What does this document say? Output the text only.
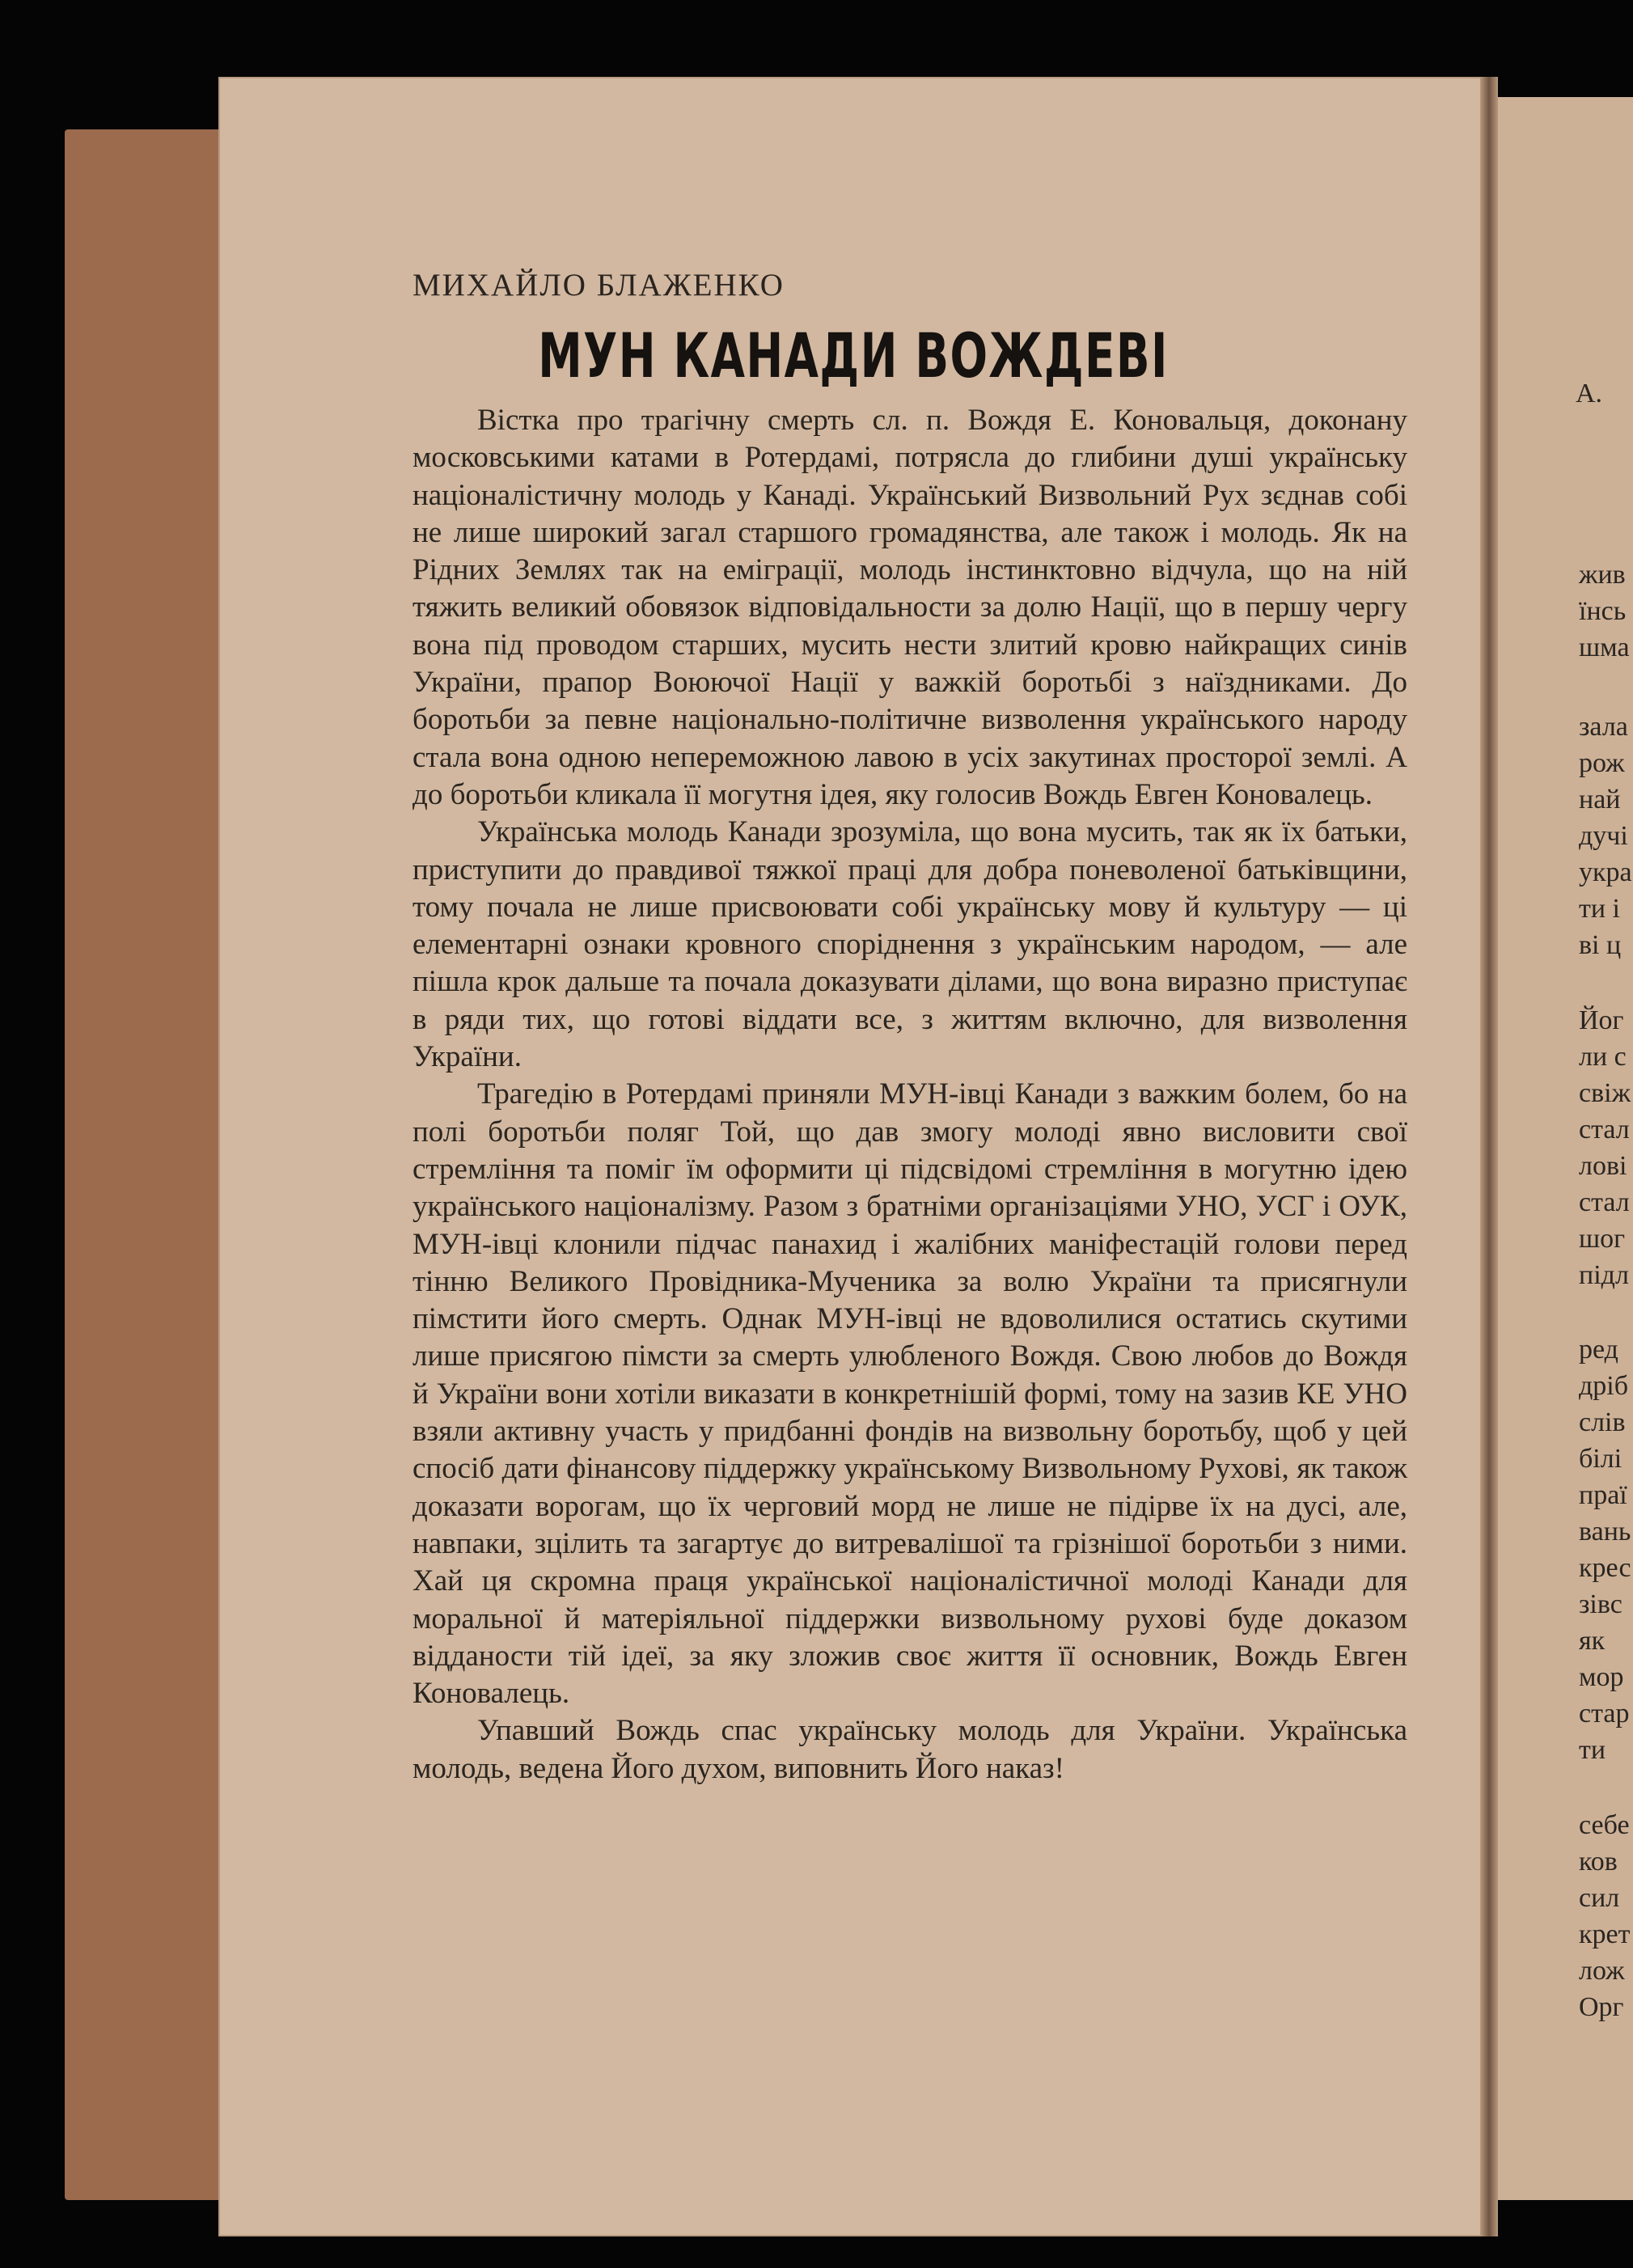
МИХАЙЛО БЛАЖЕНКО

МУН КАНАДИ ВОЖДЕВІ

Вістка про трагічну смерть сл. п. Вождя Е. Коновальця, доконану московськими катами в Ротердамі, потрясла до глибини душі українську націоналістичну молодь у Канаді. Український Визвольний Рух зєднав собі не лише широкий загал старшого громадянства, але також і молодь. Як на Рідних Землях так на еміграції, молодь інстинктовно відчула, що на ній тяжить великий обовязок відповідальности за долю Нації, що в першу чергу вона під проводом старших, мусить нести злитий кровю найкращих синів України, прапор Воюючої Нації у важкій боротьбі з наїздниками. До боротьби за певне національно-політичне визволення українського народу стала вона одною непереможною лавою в усіх закутинах просторої землі. А до боротьби кликала її могутня ідея, яку голосив Вождь Евген Коновалець.

Українська молодь Канади зрозуміла, що вона мусить, так як їх батьки, приступити до правдивої тяжкої праці для добра поневоленої батьківщини, тому почала не лише присвоювати собі українську мову й культуру — ці елементарні ознаки кровного споріднення з українським народом, — але пішла крок дальше та почала доказувати ділами, що вона виразно приступає в ряди тих, що готові віддати все, з життям включно, для визволення України.

Трагедію в Ротердамі приняли МУН-івці Канади з важким болем, бо на полі боротьби поляг Той, що дав змогу молоді явно висловити свої стремління та поміг їм оформити ці підсвідомі стремління в могутню ідею українського націоналізму. Разом з братніми організаціями УНО, УСГ і ОУК, МУН-івці клонили підчас панахид і жалібних маніфестацій голови перед тінню Великого Провідника-Мученика за волю України та присягнули пімстити його смерть. Однак МУН-івці не вдоволилися остатись скутими лише присягою пімсти за смерть улюбленого Вождя. Свою любов до Вождя й України вони хотіли виказати в конкретнішій формі, тому на зазив КЕ УНО взяли активну участь у придбанні фондів на визвольну боротьбу, щоб у цей спосіб дати фінансову піддержку українському Визвольному Рухові, як також доказати ворогам, що їх черговий морд не лише не підірве їх на дусі, але, навпаки, зцілить та загартує до витревалішої та грізнішої боротьби з ними. Хай ця скромна праця української націоналістичної молоді Канади для моральної й матеріяльної піддержки визвольному рухові буде доказом відданости тій ідеї, за яку зложив своє життя її основник, Вождь Евген Коновалець.

Упавший Вождь спас українську молодь для України. Українська молодь, ведена Його духом, виповнить Його наказ!

А.
жив
їнсь
шма
зала
рож
най
дучі
укра
ти і
ві ц
Йог
ли с
свіж
стал
лові
стал
шог
підл
ред
дріб
слів
білі
праї
вань
крес
зівс
як
мор
стар
ти
себе
ков
сил
крет
лож
Орг
